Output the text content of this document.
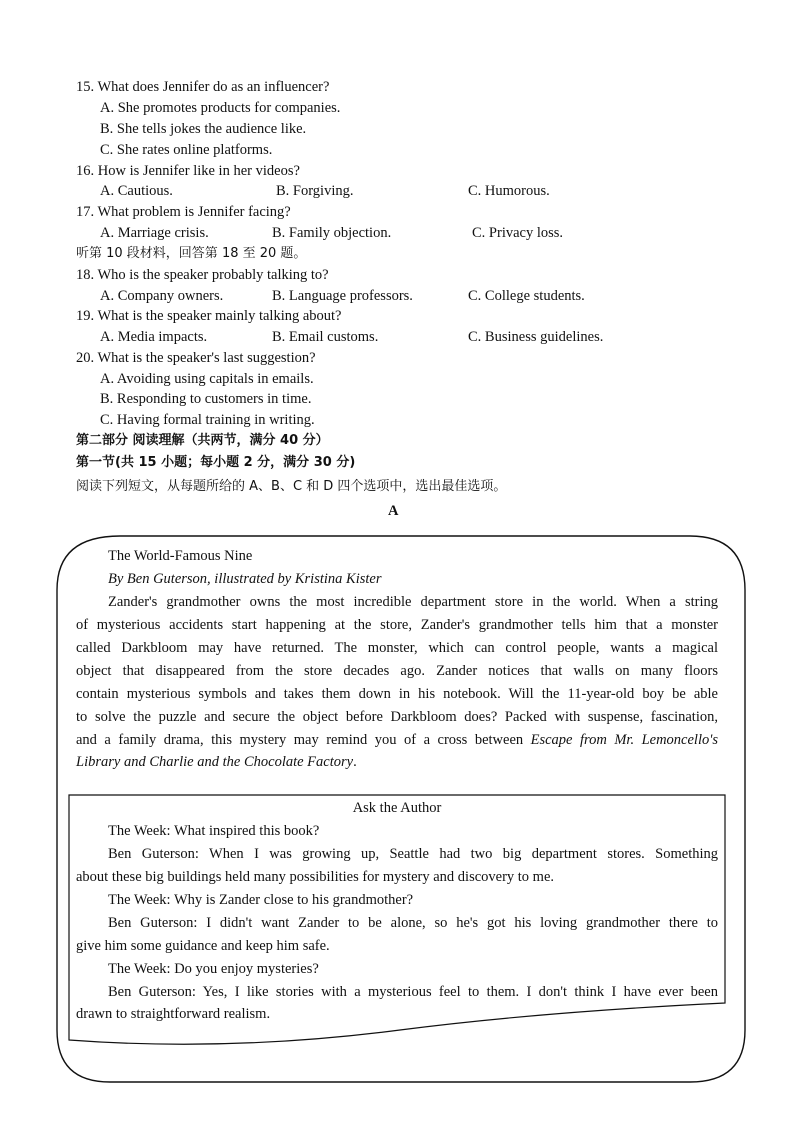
15. What does Jennifer do as an influencer?
A. She promotes products for companies.
B. She tells jokes the audience like.
C. She rates online platforms.
16. How is Jennifer like in her videos?
A. Cautious.	B. Forgiving.	C. Humorous.
17. What problem is Jennifer facing?
A. Marriage crisis.	B. Family objection.	C. Privacy loss.
听第 10 段材料，回答第 18 至 20 题。
18. Who is the speaker probably talking to?
A. Company owners.	B. Language professors.	C. College students.
19. What is the speaker mainly talking about?
A. Media impacts.	B. Email customs.	C. Business guidelines.
20. What is the speaker's last suggestion?
A. Avoiding using capitals in emails.
B. Responding to customers in time.
C. Having formal training in writing.
第二部分 阅读理解（共两节，满分 40 分）
第一节(共 15 小题；每小题 2 分，满分 30 分)
阅读下列短文，从每题所给的 A、B、C 和 D 四个选项中，选出最佳选项。
A
The World-Famous Nine
By Ben Guterson, illustrated by Kristina Kister
Zander's grandmother owns the most incredible department store in the world. When a string
of mysterious accidents start happening at the store, Zander's grandmother tells him that a monster
called Darkbloom may have returned. The monster, which can control people, wants a magical
object that disappeared from the store decades ago. Zander notices that walls on many floors
contain mysterious symbols and takes them down in his notebook. Will the 11-year-old boy be able
to solve the puzzle and secure the object before Darkbloom does? Packed with suspense, fascination,
and a family drama, this mystery may remind you of a cross between Escape from Mr. Lemoncello's
Library and Charlie and the Chocolate Factory.
Ask the Author
The Week: What inspired this book?
Ben Guterson: When I was growing up, Seattle had two big department stores. Something
about these big buildings held many possibilities for mystery and discovery to me.
The Week: Why is Zander close to his grandmother?
Ben Guterson: I didn't want Zander to be alone, so he's got his loving grandmother there to
give him some guidance and keep him safe.
The Week: Do you enjoy mysteries?
Ben Guterson: Yes, I like stories with a mysterious feel to them. I don't think I have ever been
drawn to straightforward realism.
